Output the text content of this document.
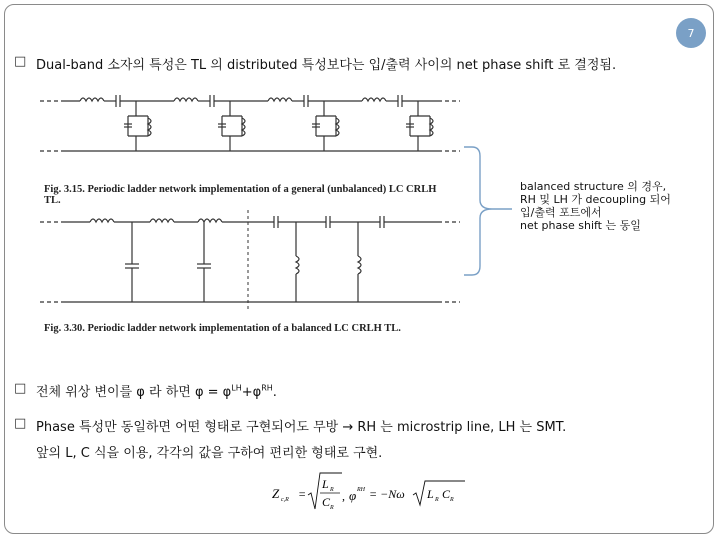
7
□ Dual-band 소자의 특성은 TL 의 distributed 특성보다는 입/출력 사이의 net phase shift 로 결정됨.
Fig. 3.15. Periodic ladder network implementation of a general (unbalanced) LC CRLH
TL.
Fig. 3.30. Periodic ladder network implementation of a balanced LC CRLH TL.
balanced structure 의 경우,
RH 및 LH 가 decoupling 되어
입/출력 포트에서
net phase shift 는 동일
□ 전체 위상 변이를 φ 라 하면 $\varphi = \varphi^{LH}+\varphi^{RH}$.
□ Phase 특성만 동일하면 어떤 형태로 구현되어도 무방 → RH 는 microstrip line, LH 는 SMT.
앞의 L, C 식을 이용, 각각의 값을 구하여 편리한 형태로 구현.
Z c,R =
L R
C R
, φ RH = −Nω L R C R
